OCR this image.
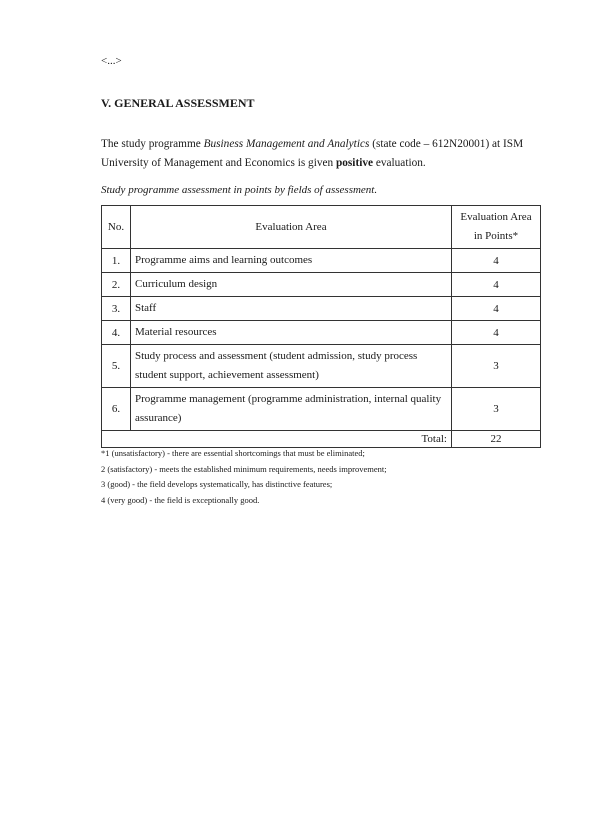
<...>
V. GENERAL ASSESSMENT

The study programme Business Management and Analytics (state code – 612N20001) at ISM University of Management and Economics is given positive evaluation.

Study programme assessment in points by fields of assessment.
No.	Evaluation Area	Evaluation Area in Points*
1.	Programme aims and learning outcomes	4
2.	Curriculum design	4
3.	Staff	4
4.	Material resources	4
5.	Study process and assessment (student admission, study process student support, achievement assessment)	3
6.	Programme management (programme administration, internal quality assurance)	3
Total:		22
*1 (unsatisfactory) - there are essential shortcomings that must be eliminated;
2 (satisfactory) - meets the established minimum requirements, needs improvement;
3 (good) - the field develops systematically, has distinctive features;
4 (very good) - the field is exceptionally good.
